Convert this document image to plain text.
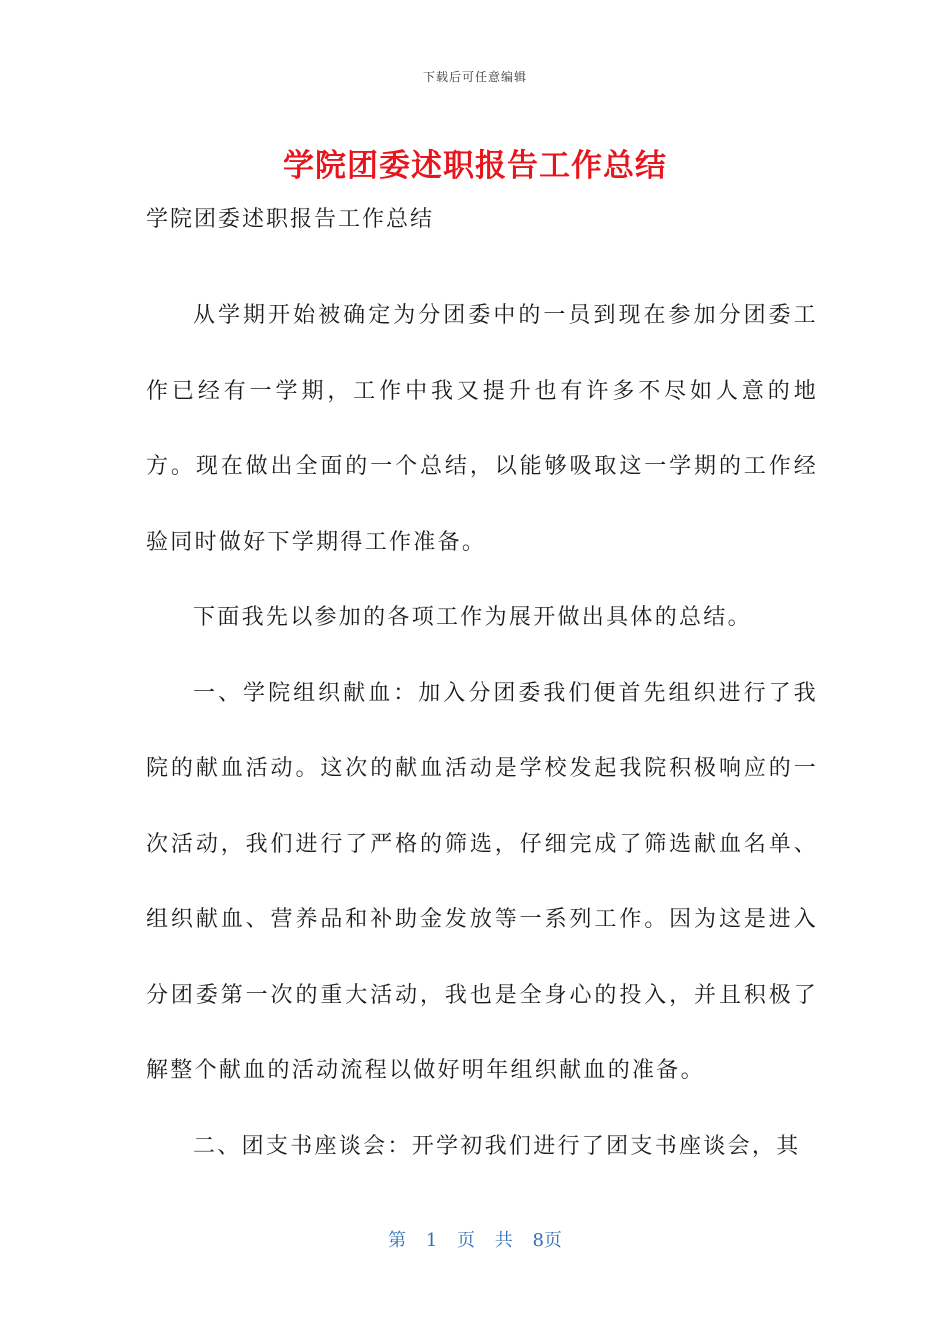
下载后可任意编辑
学院团委述职报告工作总结

学院团委述职报告工作总结

从学期开始被确定为分团委中的一员到现在参加分团委工作已经有一学期，工作中我又提升也有许多不尽如人意的地方。现在做出全面的一个总结，以能够吸取这一学期的工作经验同时做好下学期得工作准备。

下面我先以参加的各项工作为展开做出具体的总结。

一、学院组织献血：加入分团委我们便首先组织进行了我院的献血活动。这次的献血活动是学校发起我院积极响应的一次活动，我们进行了严格的筛选，仔细完成了筛选献血名单、组织献血、营养品和补助金发放等一系列工作。因为这是进入分团委第一次的重大活动，我也是全身心的投入，并且积极了解整个献血的活动流程以做好明年组织献血的准备。

二、团支书座谈会：开学初我们进行了团支书座谈会，其

第 1 页 共 8页
